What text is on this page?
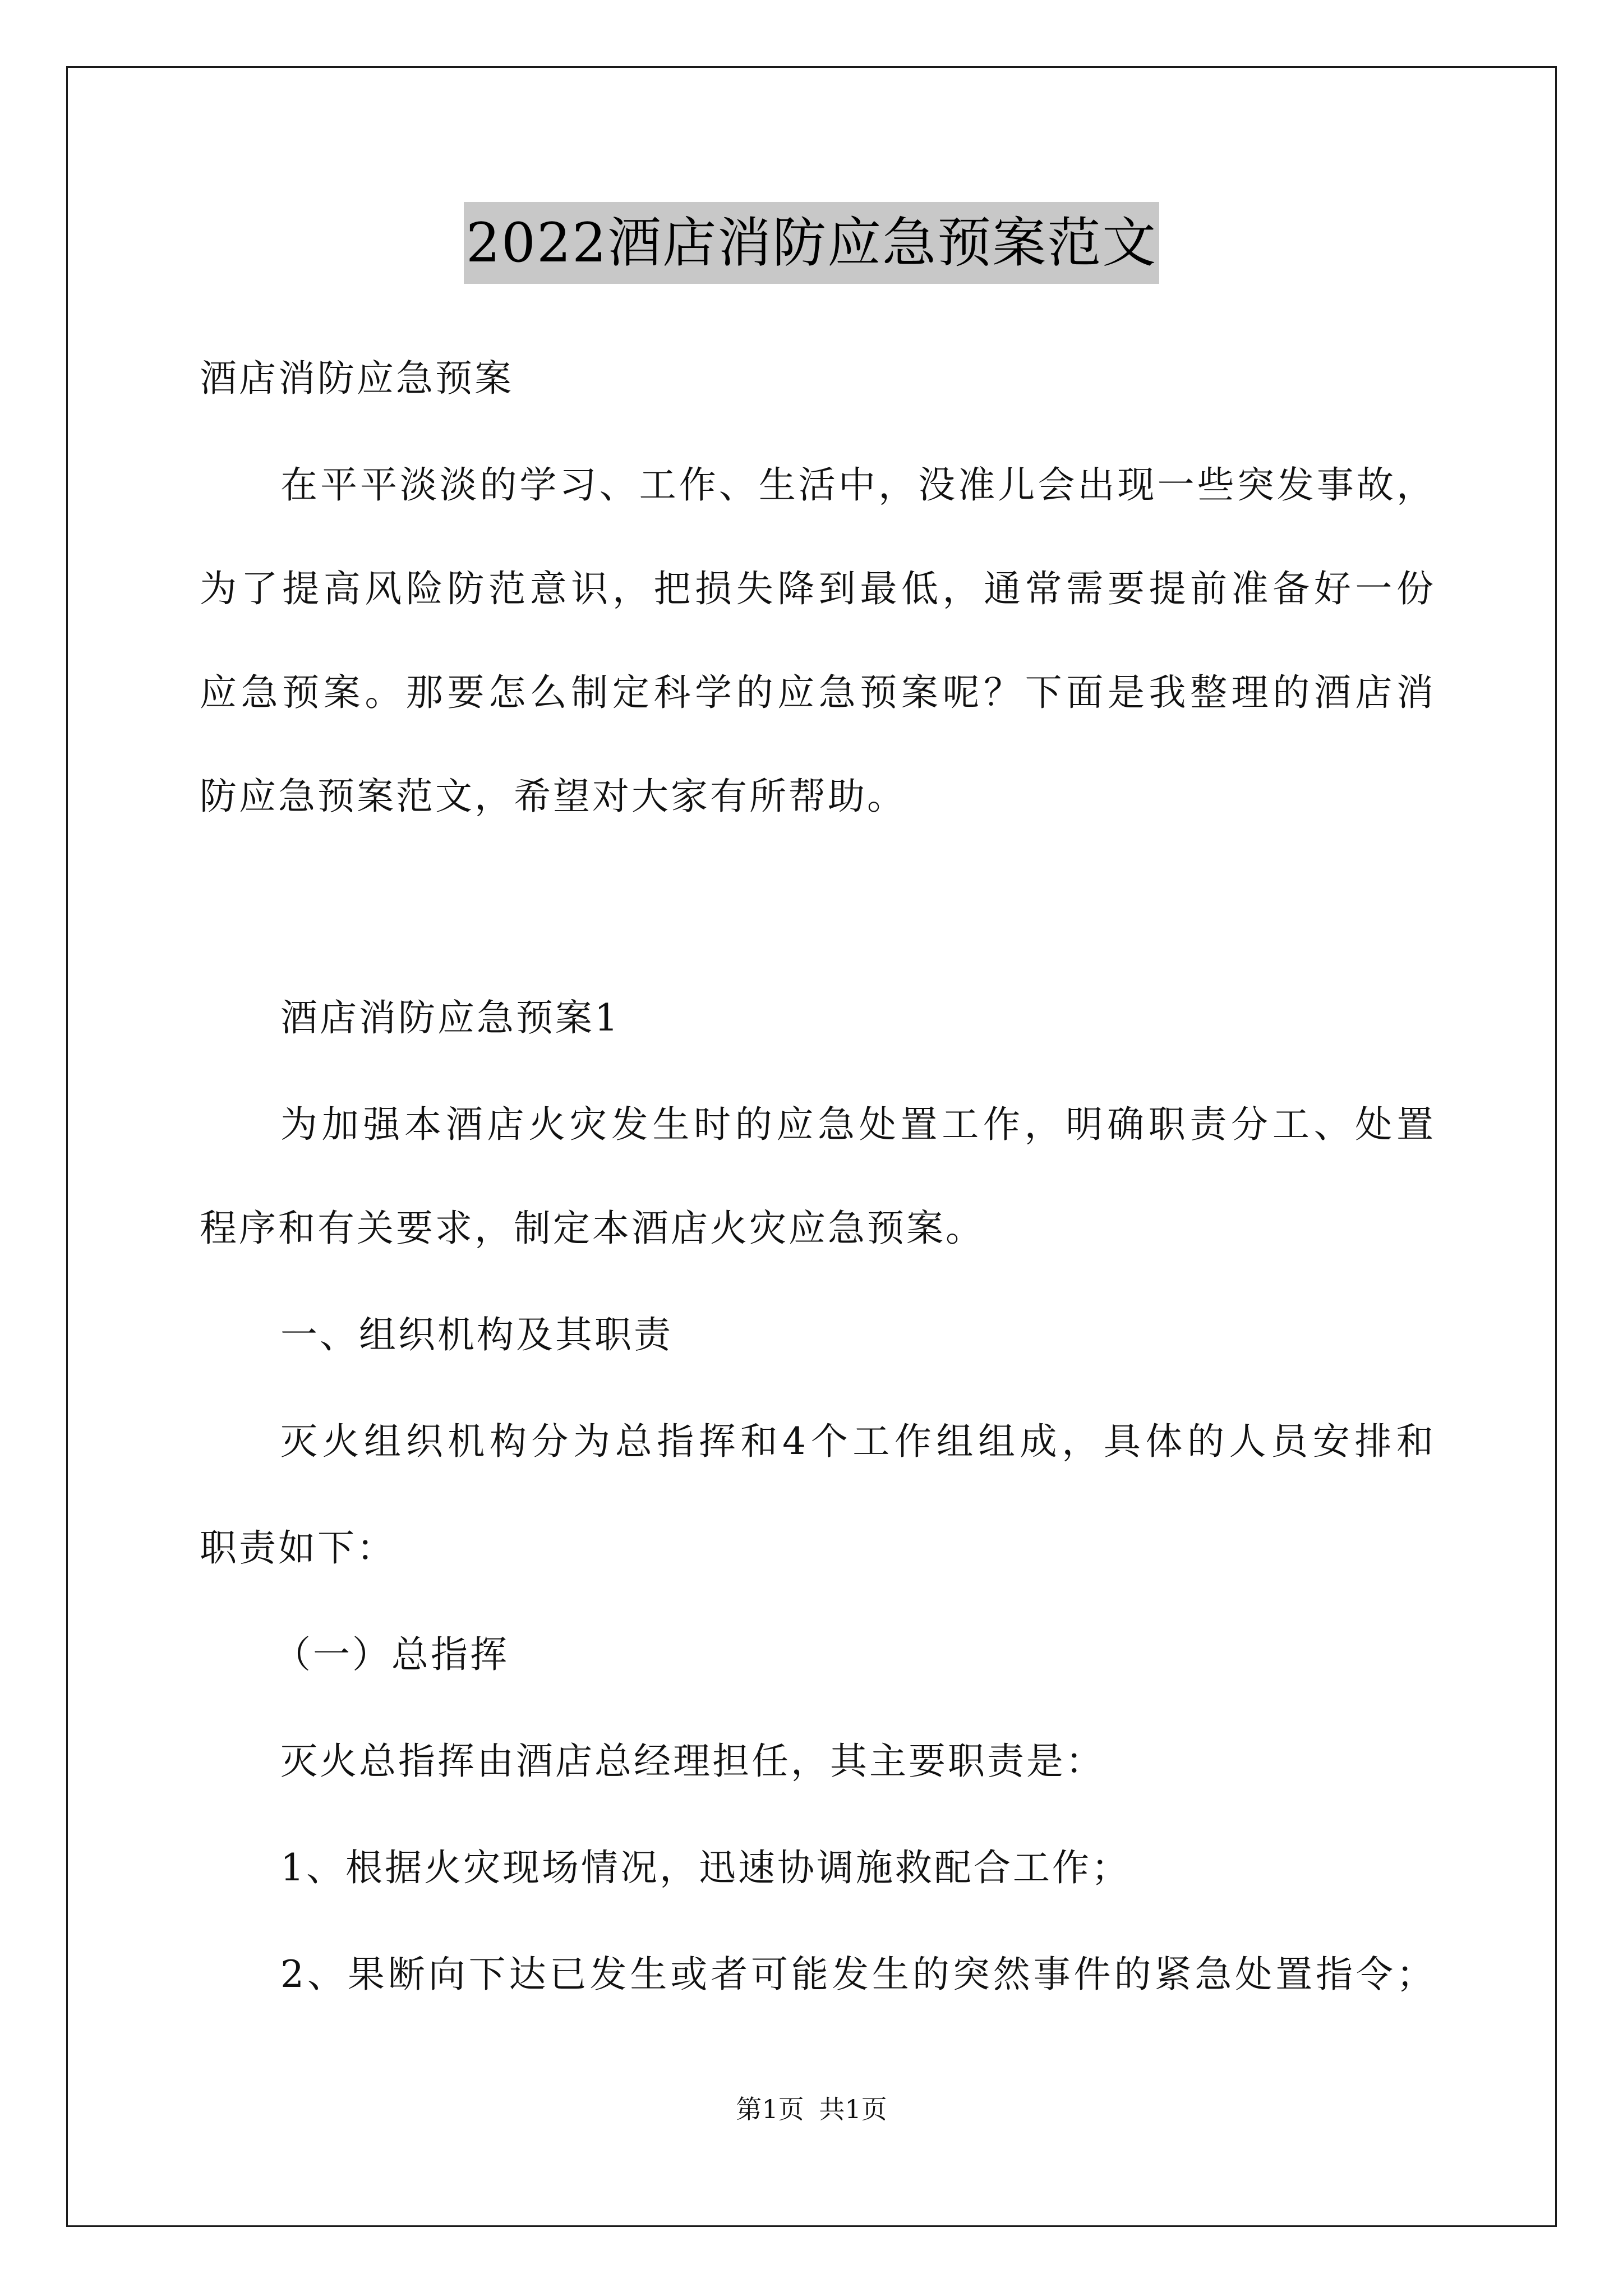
2022酒店消防应急预案范文

酒店消防应急预案

在平平淡淡的学习、工作、生活中，没准儿会出现一些突发事故，

为了提高风险防范意识，把损失降到最低，通常需要提前准备好一份

应急预案。那要怎么制定科学的应急预案呢？下面是我整理的酒店消

防应急预案范文，希望对大家有所帮助。

酒店消防应急预案1

为加强本酒店火灾发生时的应急处置工作，明确职责分工、处置

程序和有关要求，制定本酒店火灾应急预案。

一、组织机构及其职责

灭火组织机构分为总指挥和4个工作组组成，具体的人员安排和

职责如下：

（一）总指挥

灭火总指挥由酒店总经理担任，其主要职责是：

1、根据火灾现场情况，迅速协调施救配合工作；

2、果断向下达已发生或者可能发生的突然事件的紧急处置指令；

第1页 共1页
